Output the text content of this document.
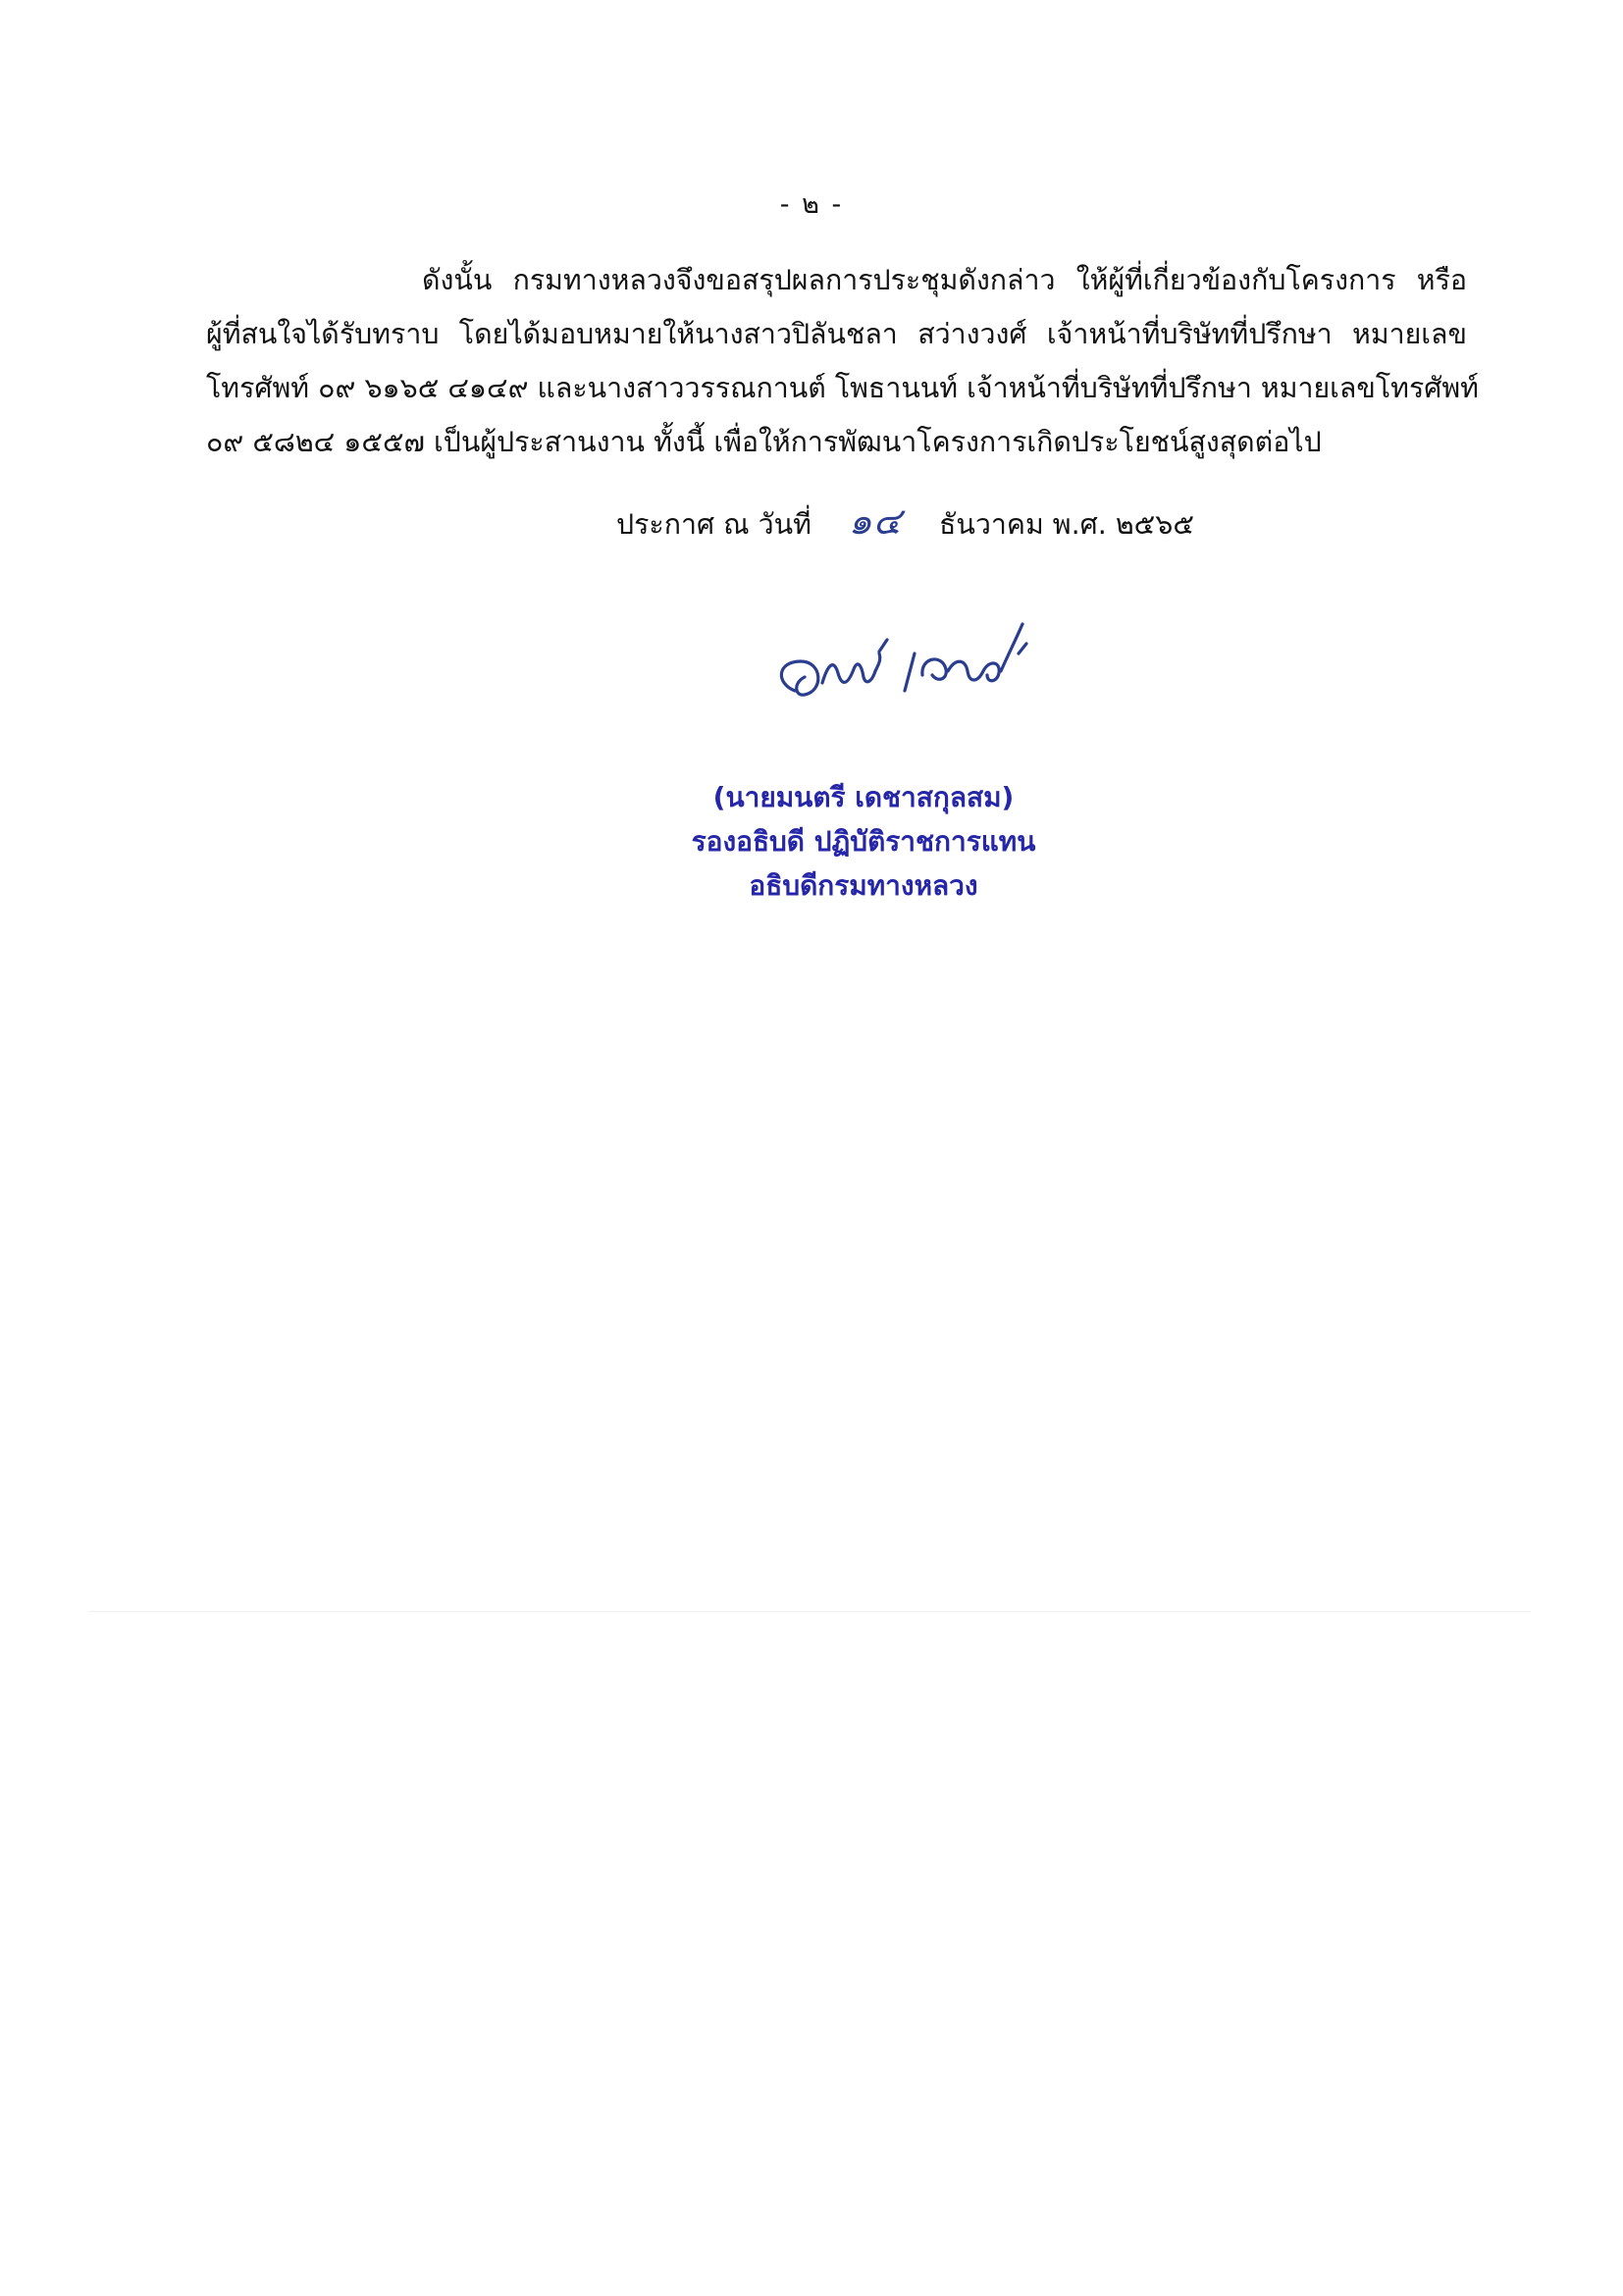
- ๒ -
ดังนั้น กรมทางหลวงจึงขอสรุปผลการประชุมดังกล่าว ให้ผู้ที่เกี่ยวข้องกับโครงการ หรือ
ผู้ที่สนใจได้รับทราบ โดยได้มอบหมายให้นางสาวปิลันชลา สว่างวงศ์ เจ้าหน้าที่บริษัทที่ปรึกษา หมายเลข
โทรศัพท์ ๐๙ ๖๑๖๕ ๔๑๔๙ และนางสาววรรณกานต์ โพธานนท์ เจ้าหน้าที่บริษัทที่ปรึกษา หมายเลขโทรศัพท์
๐๙ ๕๘๒๔ ๑๕๕๗ เป็นผู้ประสานงาน ทั้งนี้ เพื่อให้การพัฒนาโครงการเกิดประโยชน์สูงสุดต่อไป
ประกาศ ณ วันที่ ๑๔ ธันวาคม พ.ศ. ๒๕๖๕
(นายมนตรี เดชาสกุลสม)
รองอธิบดี ปฏิบัติราชการแทน
อธิบดีกรมทางหลวง
